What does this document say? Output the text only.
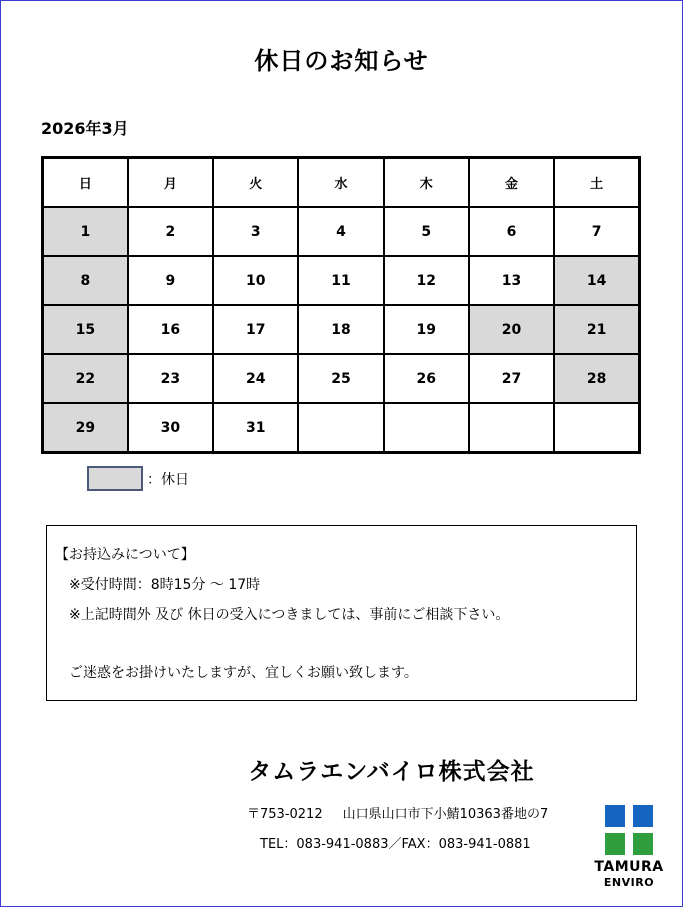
休日のお知らせ
2026年3月
日	月	火	水	木	金	土
1	2	3	4	5	6	7
8	9	10	11	12	13	14
15	16	17	18	19	20	21
22	23	24	25	26	27	28
29	30	31				
：休日
【お持込みについて】
※受付時間：8時15分 〜 17時
※上記時間外 及び 休日の受入につきましては、事前にご相談下さい。
ご迷惑をお掛けいたしますが、宜しくお願い致します。
タムラエンバイロ株式会社
〒753-0212 山口県山口市下小鯖10363番地の7
TEL：083-941-0883／FAX：083-941-0881
TAMURA
ENVIRO
